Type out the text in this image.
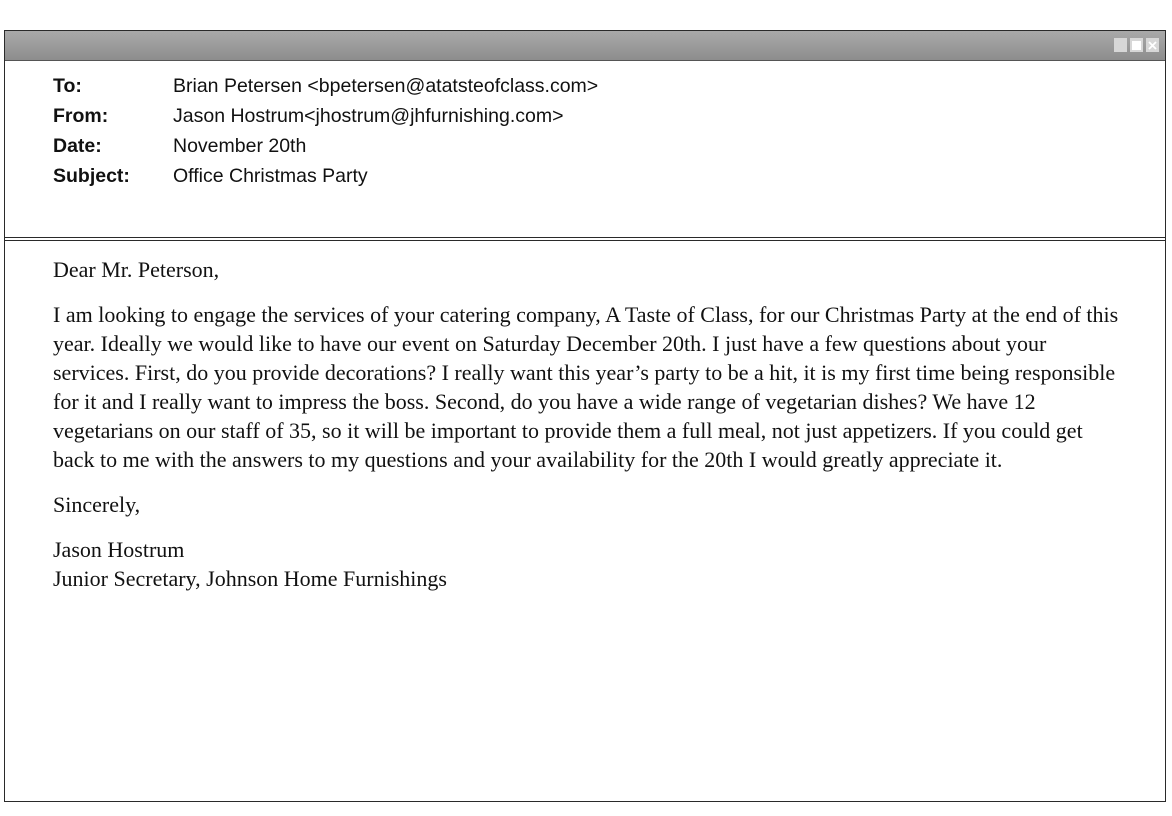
To:	Brian Petersen <bpetersen@atatsteofclass.com>
From:	Jason Hostrum<jhostrum@jhfurnishing.com>
Date:	November 20th
Subject:	Office Christmas Party

Dear Mr. Peterson,

I am looking to engage the services of your catering company, A Taste of Class, for our Christmas Party at the end of this year. Ideally we would like to have our event on Saturday December 20th. I just have a few questions about your services. First, do you provide decorations? I really want this year’s party to be a hit, it is my first time being responsible for it and I really want to impress the boss. Second, do you have a wide range of vegetarian dishes? We have 12 vegetarians on our staff of 35, so it will be important to provide them a full meal, not just appetizers. If you could get back to me with the answers to my questions and your availability for the 20th I would greatly appreciate it.

Sincerely,

Jason Hostrum
Junior Secretary, Johnson Home Furnishings
